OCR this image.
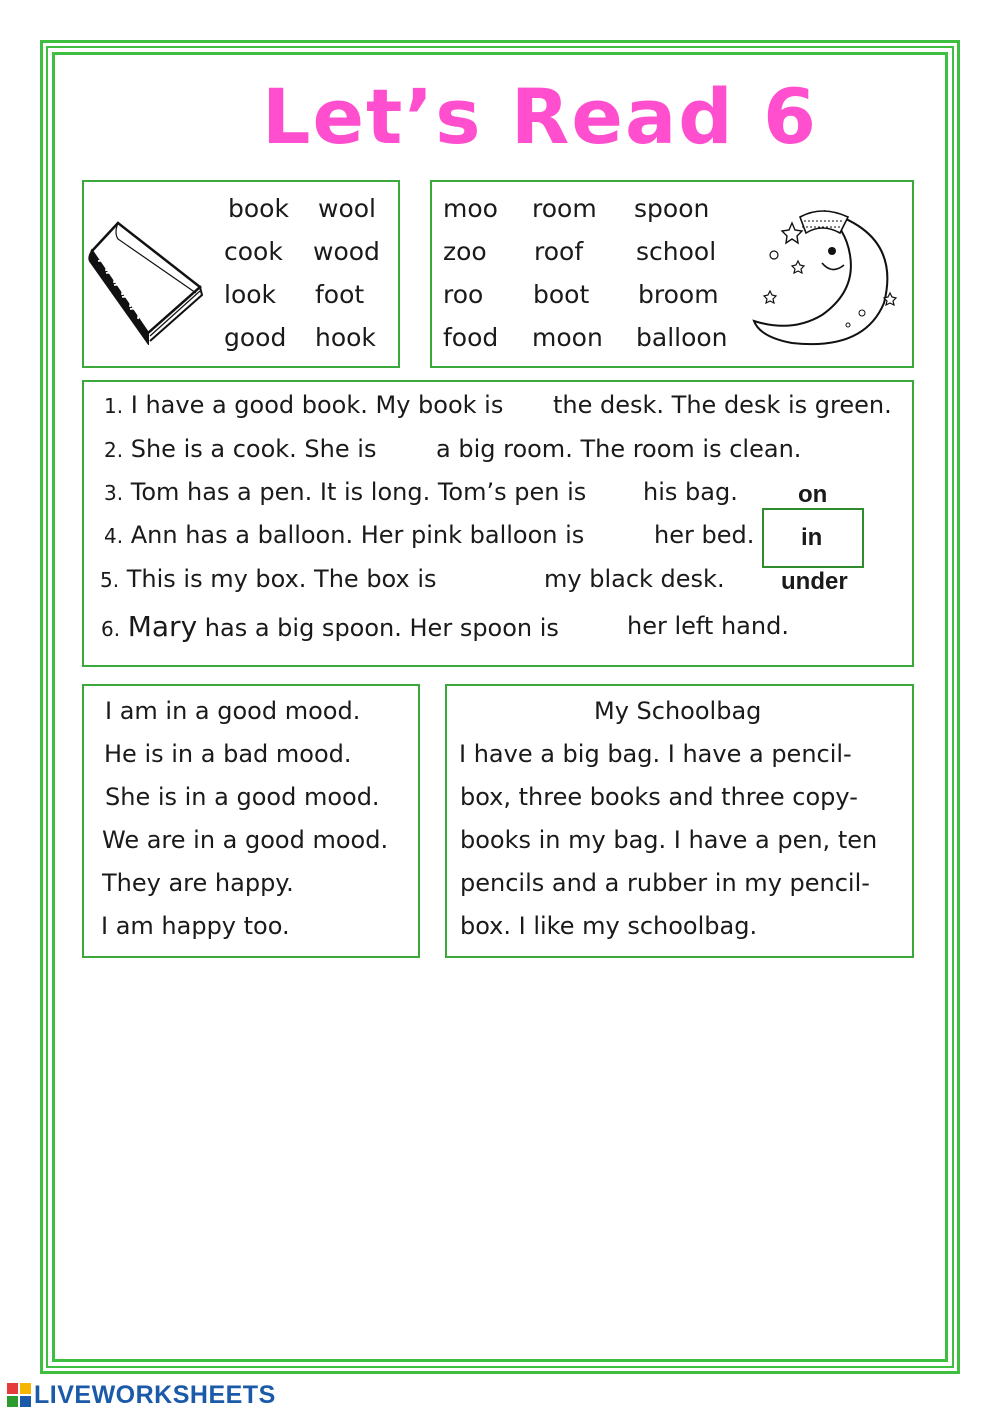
Let’s Read 6
book wool
cook wood
look foot
good hook
moo room spoon
zoo roof school
roo boot broom
food moon balloon
1. I have a good book. My book is the desk. The desk is green.
2. She is a cook. She is a big room. The room is clean.
3. Tom has a pen. It is long. Tom’s pen is his bag.
4. Ann has a balloon. Her pink balloon is	her bed.
5. This is my box. The box is	my black desk.
6. Mary has a big spoon. Her spoon is	her left hand.
on
in
under
I am in a good mood.
He is in a bad mood.
She is in a good mood.
We are in a good mood.
They are happy.
I am happy too.
My Schoolbag
I have a big bag. I have a pencil-
box, three books and three copy-
books in my bag. I have a pen, ten
pencils and a rubber in my pencil-
box. I like my schoolbag.
LIVEWORKSHEETS
